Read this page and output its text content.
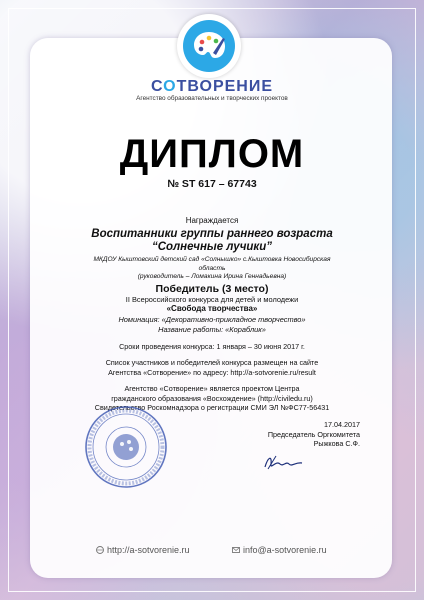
СОТВОРЕНИЕ
Агентство образовательных и творческих проектов
ДИПЛОМ
№ ST 617 – 67743
Награждается
Воспитанники группы раннего возраста
“Солнечные лучики”
МКДОУ Кыштовский детский сад «Солнышко» с.Кыштовка Новосибирская
область
(руководитель – Ломакина Ирина Геннадьевна)
Победитель (3 место)
II Всероссийского конкурса для детей и молодежи
«Свобода творчества»
Номинация: «Декоративно-прикладное творчество»
Название работы: «Кораблик»
Сроки проведения конкурса: 1 января – 30 июня 2017 г.
Список участников и победителей конкурса размещен на сайте
Агентства «Сотворение» по адресу: http://a-sotvorenie.ru/result
Агентство «Сотворение» является проектом Центра
гражданского образования «Восхождение» (http://civiledu.ru)
Свидетельство Роскомнадзора о регистрации СМИ ЭЛ №ФС77-56431
17.04.2017
Председатель Оргкомитета
Рыжкова С.Ф.
http://a-sotvorenie.ru	info@a-sotvorenie.ru
